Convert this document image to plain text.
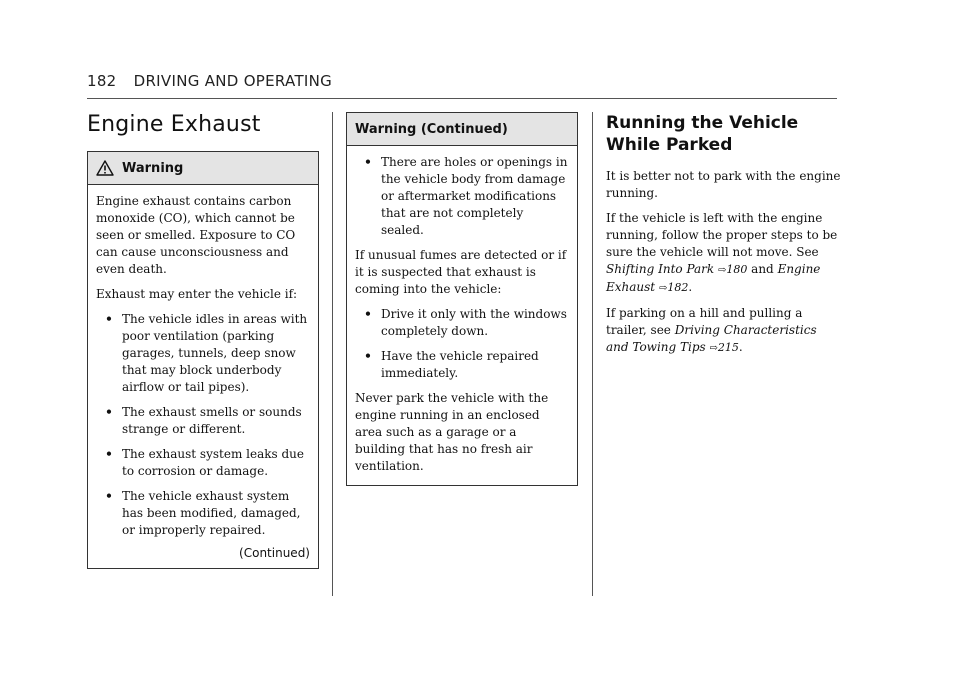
182 DRIVING AND OPERATING
Engine Exhaust
Warning

Engine exhaust contains carbon monoxide (CO), which cannot be seen or smelled. Exposure to CO can cause unconsciousness and even death.

Exhaust may enter the vehicle if:

• The vehicle idles in areas with poor ventilation (parking garages, tunnels, deep snow that may block underbody airflow or tail pipes).
• The exhaust smells or sounds strange or different.
• The exhaust system leaks due to corrosion or damage.
• The vehicle exhaust system has been modified, damaged, or improperly repaired.
(Continued)
Warning (Continued)
• There are holes or openings in the vehicle body from damage or aftermarket modifications that are not completely sealed.

If unusual fumes are detected or if it is suspected that exhaust is coming into the vehicle:

• Drive it only with the windows completely down.
• Have the vehicle repaired immediately.

Never park the vehicle with the engine running in an enclosed area such as a garage or a building that has no fresh air ventilation.

Running the Vehicle While Parked

It is better not to park with the engine running.

If the vehicle is left with the engine running, follow the proper steps to be sure the vehicle will not move. See Shifting Into Park ⇨180 and Engine Exhaust ⇨182.

If parking on a hill and pulling a trailer, see Driving Characteristics and Towing Tips ⇨215.
